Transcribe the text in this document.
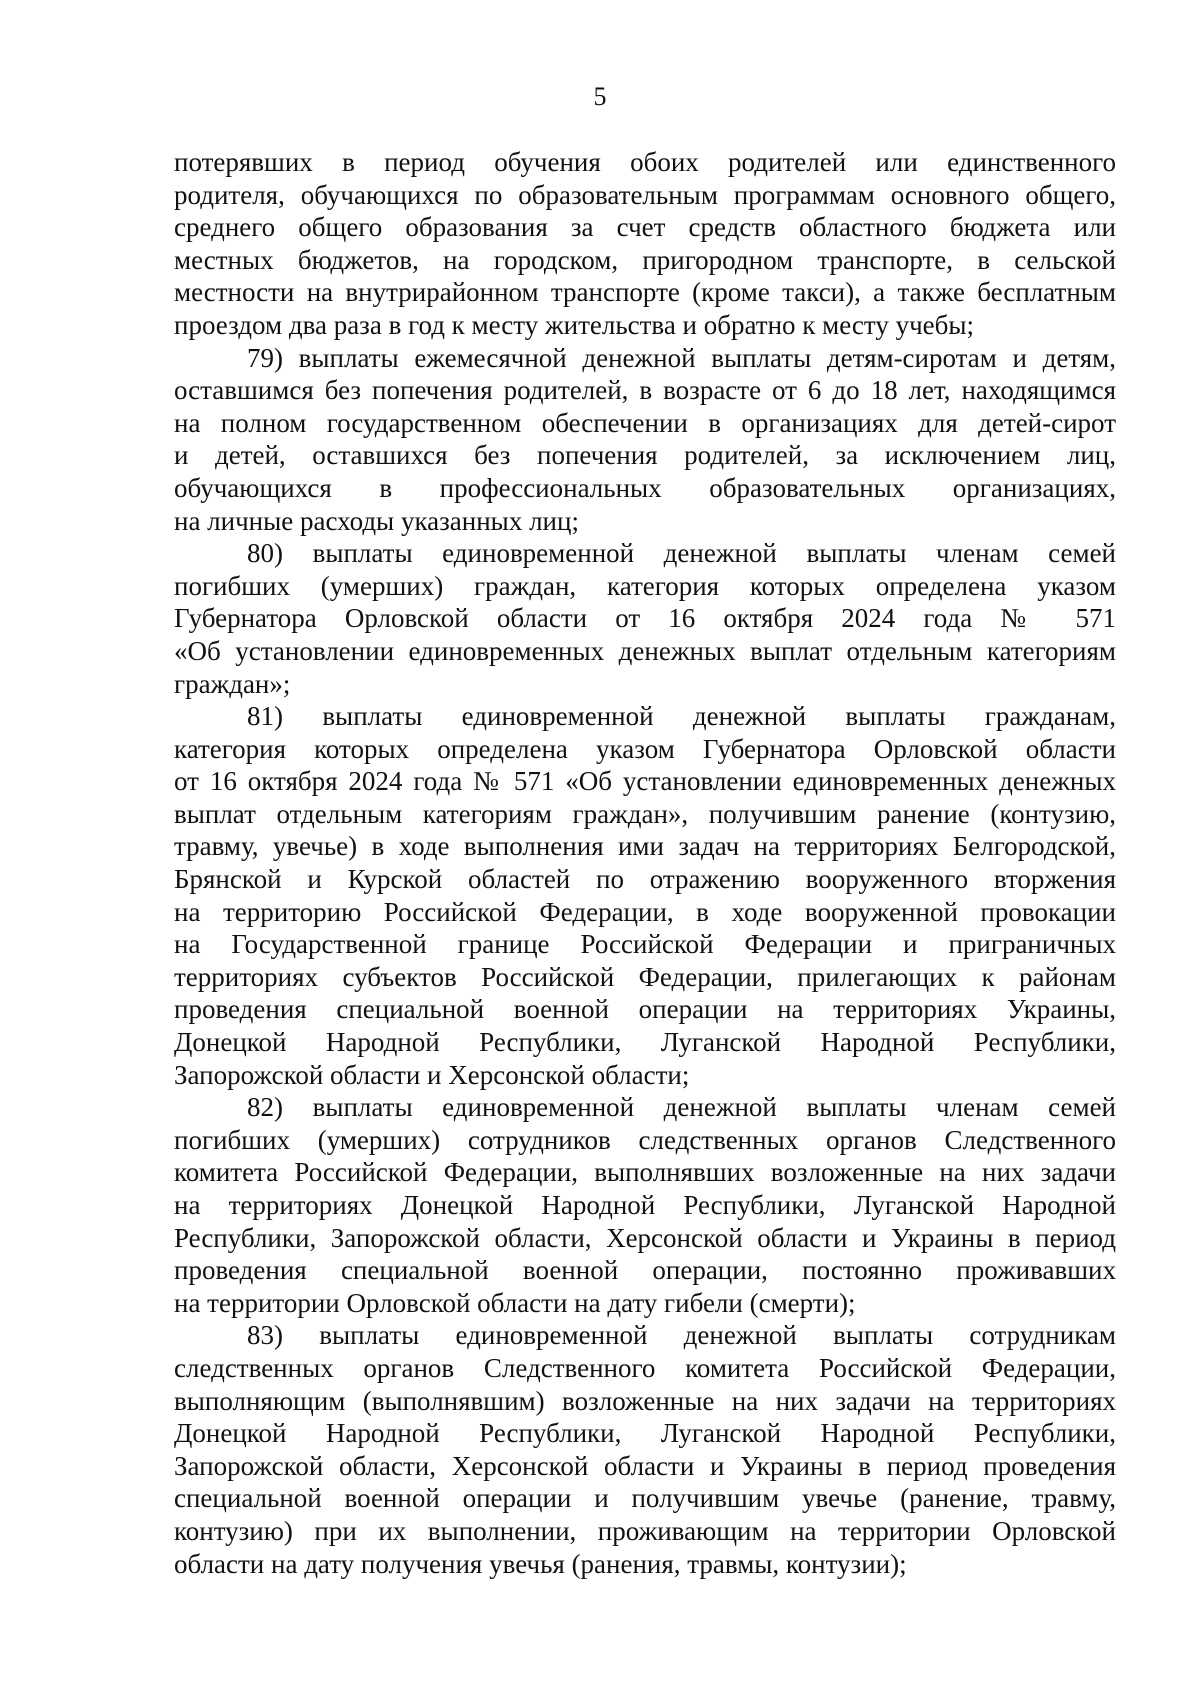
5
потерявших в период обучения обоих родителей или единственного
родителя, обучающихся по образовательным программам основного общего,
среднего общего образования за счет средств областного бюджета или
местных бюджетов, на городском, пригородном транспорте, в сельской
местности на внутрирайонном транспорте (кроме такси), а также бесплатным
проездом два раза в год к месту жительства и обратно к месту учебы;
79) выплаты ежемесячной денежной выплаты детям-сиротам и детям,
оставшимся без попечения родителей, в возрасте от 6 до 18 лет, находящимся
на полном государственном обеспечении в организациях для детей-сирот
и детей, оставшихся без попечения родителей, за исключением лиц,
обучающихся в профессиональных образовательных организациях,
на личные расходы указанных лиц;
80) выплаты единовременной денежной выплаты членам семей
погибших (умерших) граждан, категория которых определена указом
Губернатора Орловской области от 16 октября 2024 года № 571
«Об установлении единовременных денежных выплат отдельным категориям
граждан»;
81) выплаты единовременной денежной выплаты гражданам,
категория которых определена указом Губернатора Орловской области
от 16 октября 2024 года № 571 «Об установлении единовременных денежных
выплат отдельным категориям граждан», получившим ранение (контузию,
травму, увечье) в ходе выполнения ими задач на территориях Белгородской,
Брянской и Курской областей по отражению вооруженного вторжения
на территорию Российской Федерации, в ходе вооруженной провокации
на Государственной границе Российской Федерации и приграничных
территориях субъектов Российской Федерации, прилегающих к районам
проведения специальной военной операции на территориях Украины,
Донецкой Народной Республики, Луганской Народной Республики,
Запорожской области и Херсонской области;
82) выплаты единовременной денежной выплаты членам семей
погибших (умерших) сотрудников следственных органов Следственного
комитета Российской Федерации, выполнявших возложенные на них задачи
на территориях Донецкой Народной Республики, Луганской Народной
Республики, Запорожской области, Херсонской области и Украины в период
проведения специальной военной операции, постоянно проживавших
на территории Орловской области на дату гибели (смерти);
83) выплаты единовременной денежной выплаты сотрудникам
следственных органов Следственного комитета Российской Федерации,
выполняющим (выполнявшим) возложенные на них задачи на территориях
Донецкой Народной Республики, Луганской Народной Республики,
Запорожской области, Херсонской области и Украины в период проведения
специальной военной операции и получившим увечье (ранение, травму,
контузию) при их выполнении, проживающим на территории Орловской
области на дату получения увечья (ранения, травмы, контузии);
